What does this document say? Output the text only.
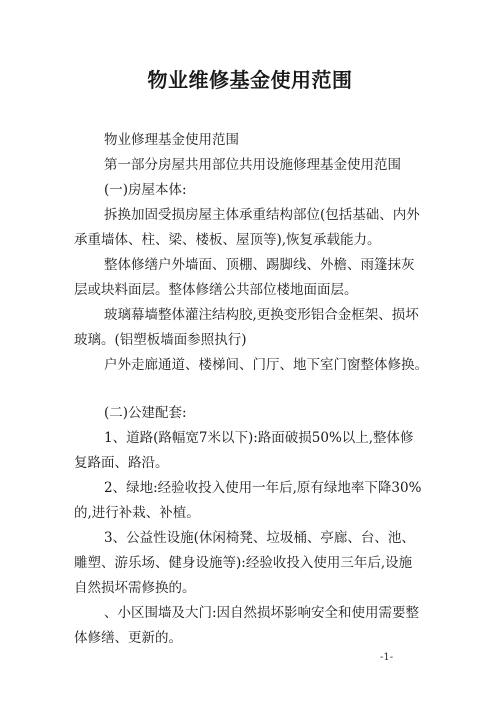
物业维修基金使用范围
物业修理基金使用范围
第一部分房屋共用部位共用设施修理基金使用范围
(一)房屋本体:
拆换加固受损房屋主体承重结构部位(包括基础、内外
承重墙体、柱、梁、楼板、屋顶等),恢复承载能力。
整体修缮户外墙面、顶棚、踢脚线、外檐、雨篷抹灰
层或块料面层。整体修缮公共部位楼地面面层。
玻璃幕墙整体灌注结构胶,更换变形铝合金框架、损坏
玻璃。(铝塑板墙面参照执行)
户外走廊通道、楼梯间、门厅、地下室门窗整体修换。
(二)公建配套:
1、道路(路幅宽7米以下):路面破损50%以上,整体修
复路面、路沿。
2、绿地:经验收投入使用一年后,原有绿地率下降30%
的,进行补栽、补植。
3、公益性设施(休闲椅凳、垃圾桶、亭廊、台、池、
雕塑、游乐场、健身设施等):经验收投入使用三年后,设施
自然损坏需修换的。
、小区围墙及大门:因自然损坏影响安全和使用需要整
体修缮、更新的。
-1-
